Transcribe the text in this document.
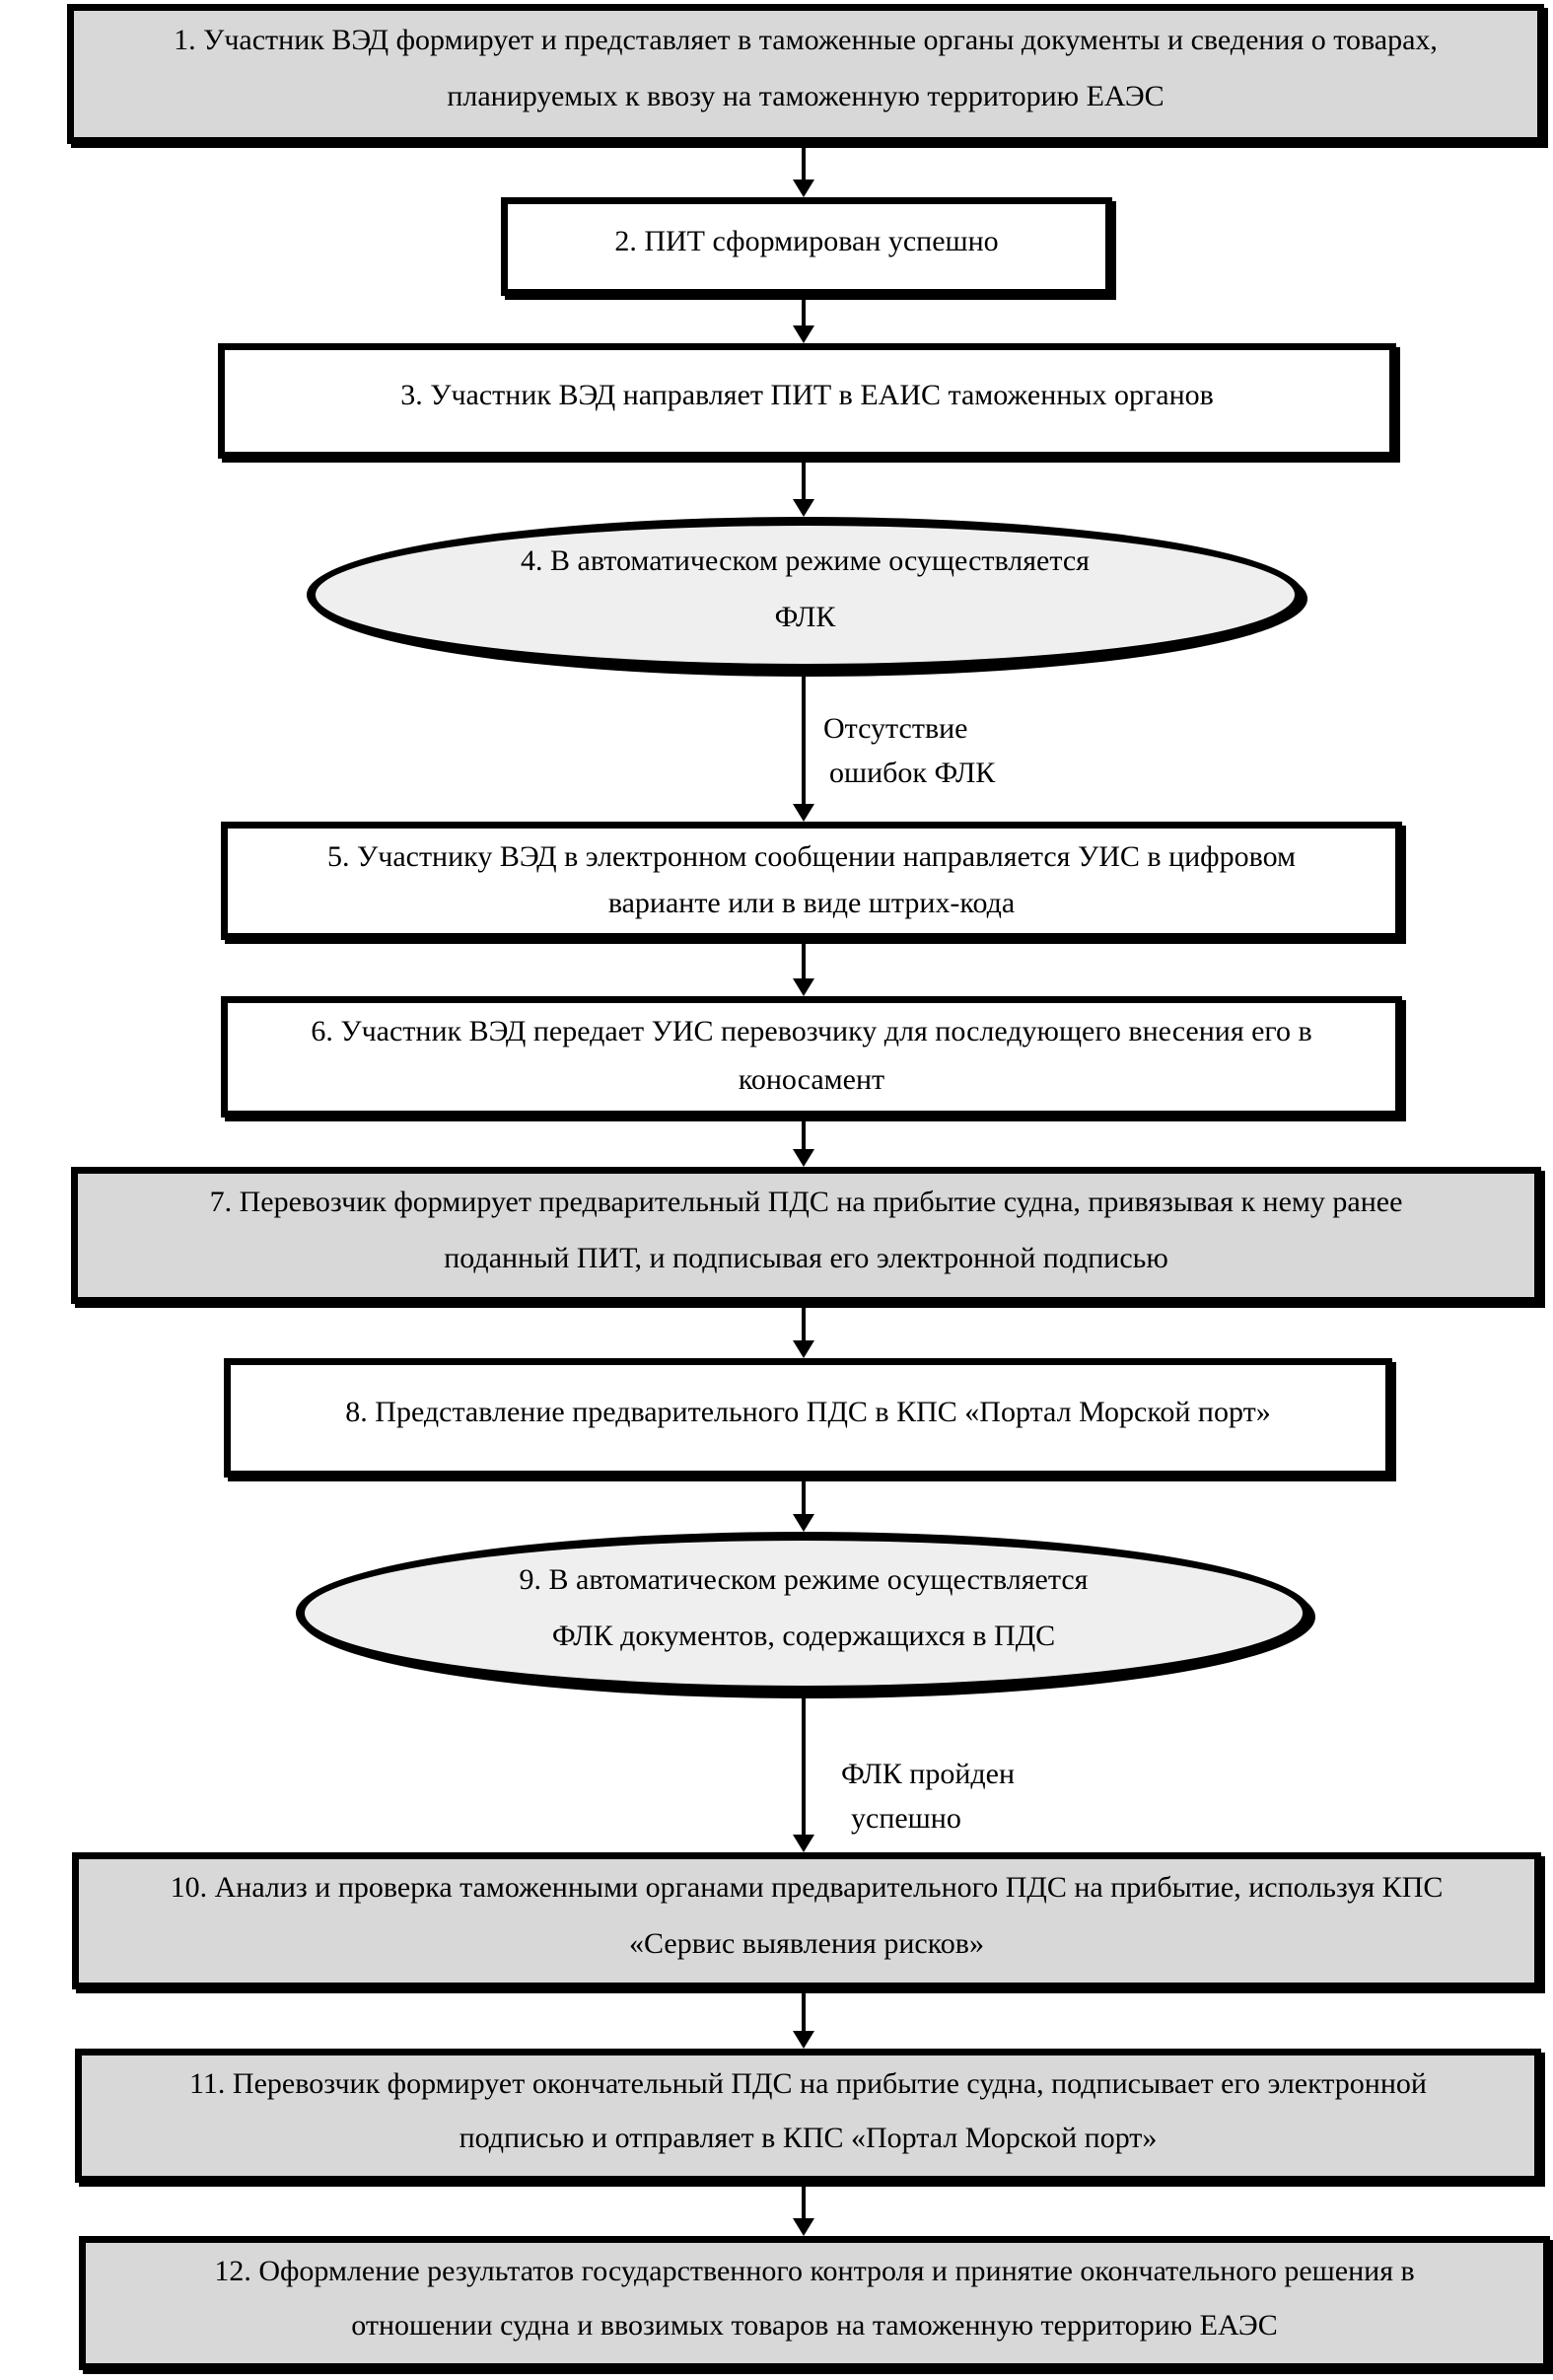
1. Участник ВЭД формирует и представляет в таможенные органы документы и сведения о товарах,
планируемых к ввозу на таможенную территорию ЕАЭС
2. ПИТ сформирован успешно
3. Участник ВЭД направляет ПИТ в ЕАИС таможенных органов
4. В автоматическом режиме осуществляется
ФЛК
Отсутствие
ошибок ФЛК
5. Участнику ВЭД в электронном сообщении направляется УИС в цифровом
варианте или в виде штрих-кода
6. Участник ВЭД передает УИС перевозчику для последующего внесения его в
коносамент
7. Перевозчик формирует предварительный ПДС на прибытие судна, привязывая к нему ранее
поданный ПИТ, и подписывая его электронной подписью
8. Представление предварительного ПДС в КПС «Портал Морской порт»
9. В автоматическом режиме осуществляется
ФЛК документов, содержащихся в ПДС
ФЛК пройден
успешно
10. Анализ и проверка таможенными органами предварительного ПДС на прибытие, используя КПС
«Сервис выявления рисков»
11. Перевозчик формирует окончательный ПДС на прибытие судна, подписывает его электронной
подписью и отправляет в КПС «Портал Морской порт»
12. Оформление результатов государственного контроля и принятие окончательного решения в
отношении судна и ввозимых товаров на таможенную территорию ЕАЭС
